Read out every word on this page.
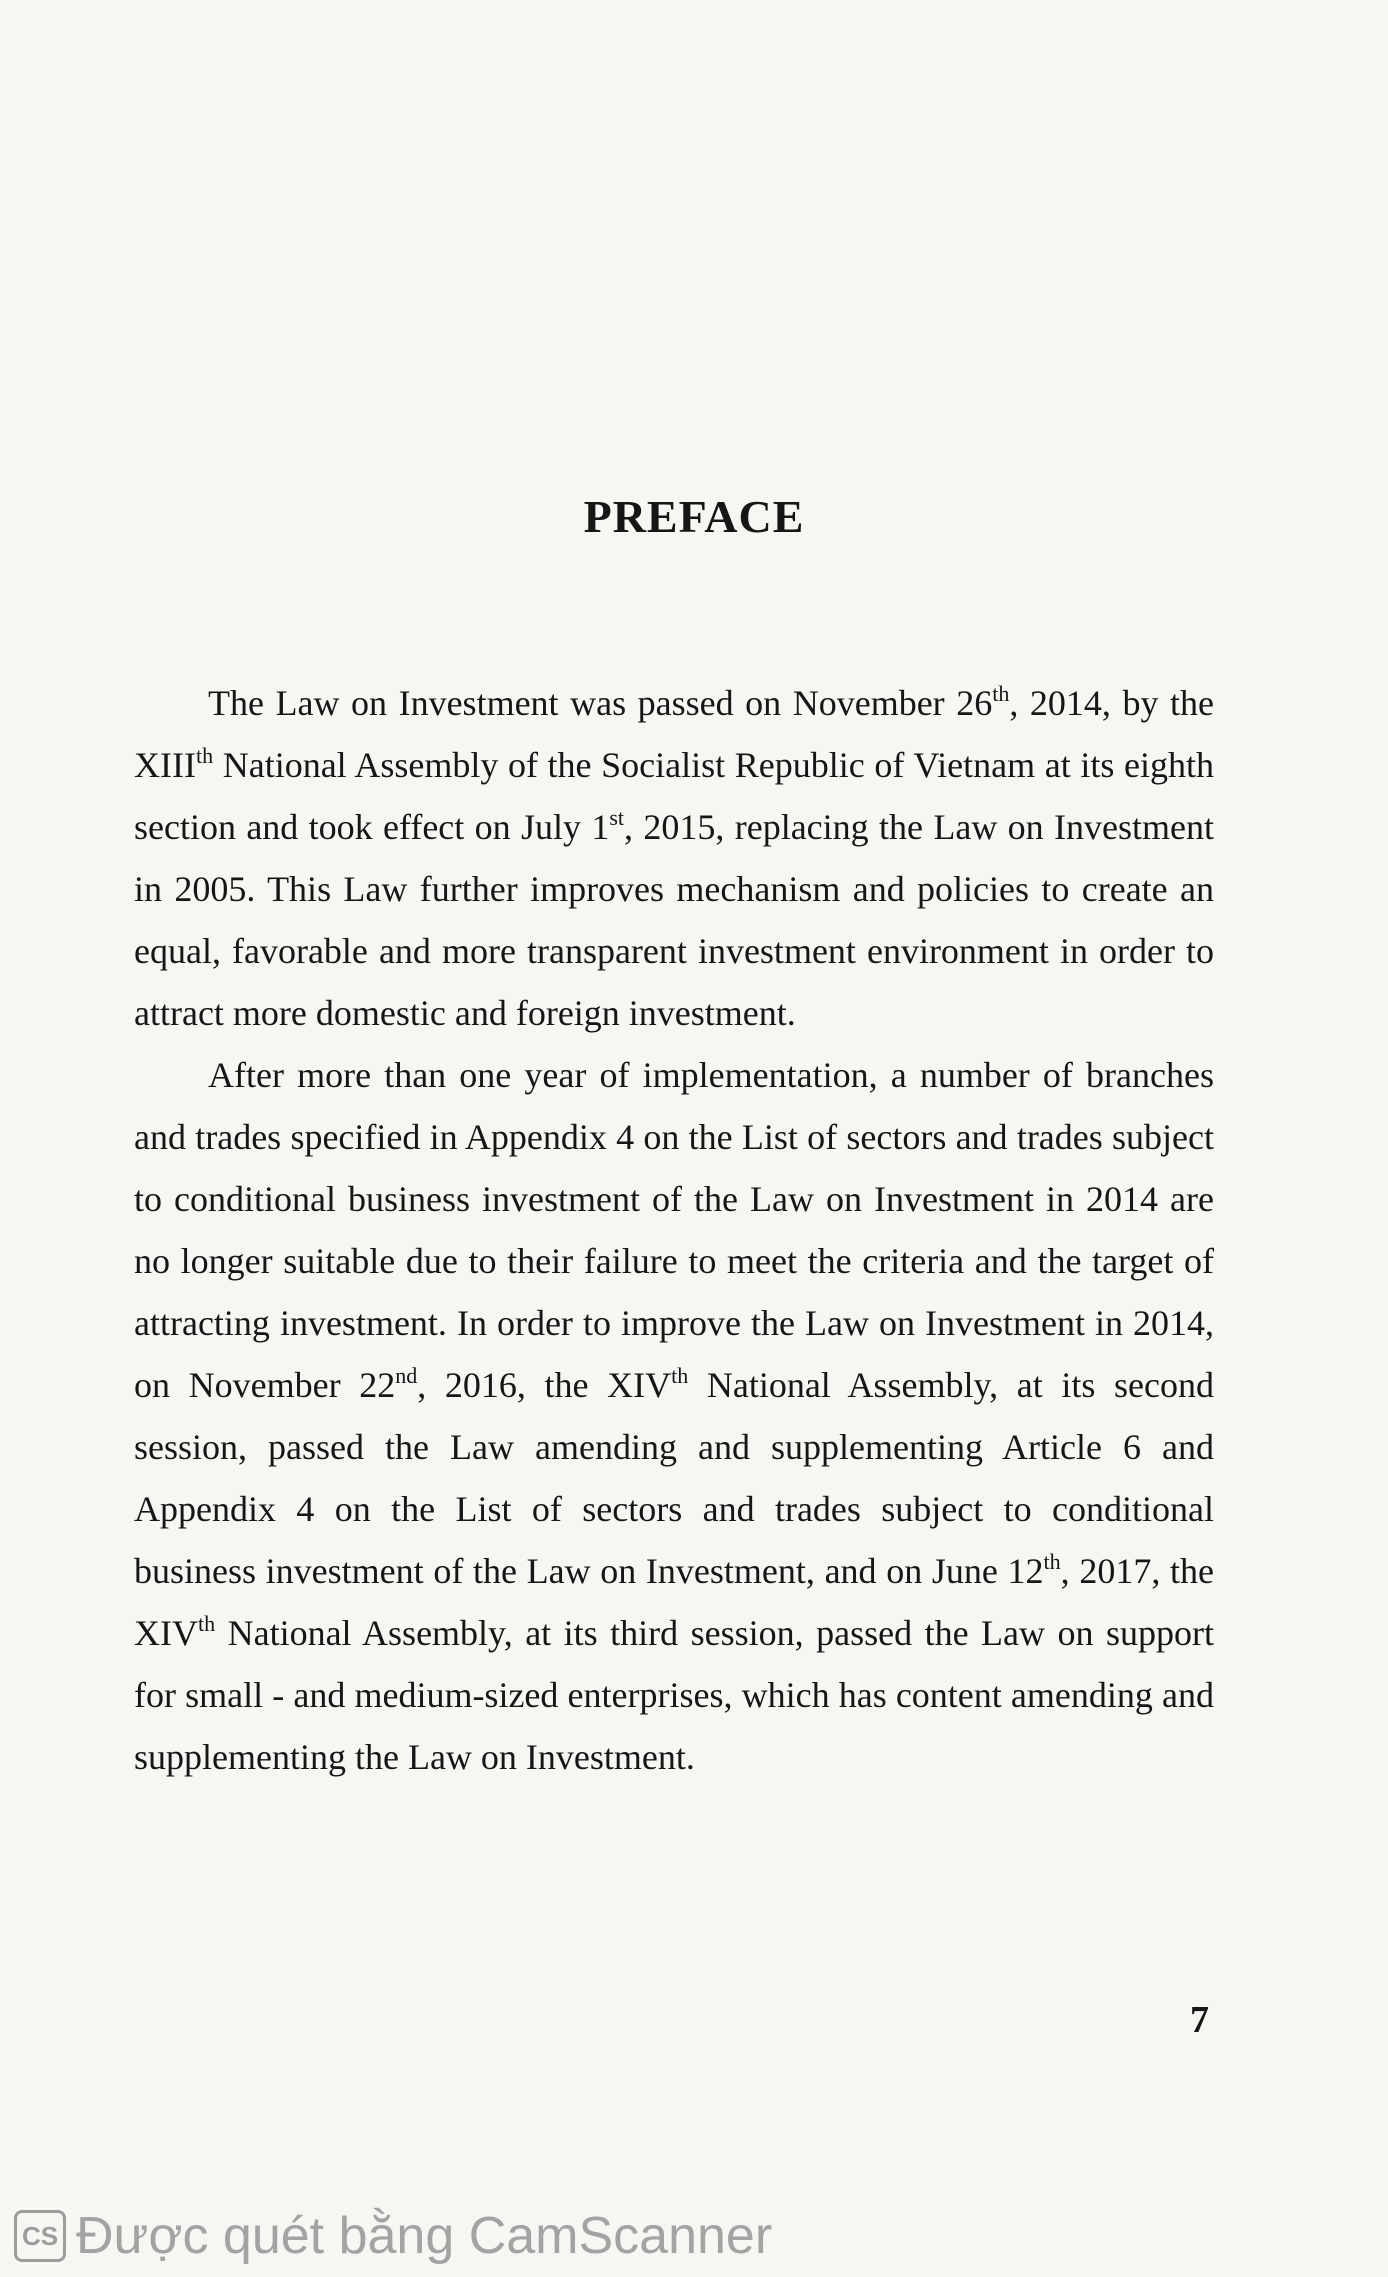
PREFACE

The Law on Investment was passed on November 26th, 2014, by the XIIIth National Assembly of the Socialist Republic of Vietnam at its eighth section and took effect on July 1st, 2015, replacing the Law on Investment in 2005. This Law further improves mechanism and policies to create an equal, favorable and more transparent investment environment in order to attract more domestic and foreign investment.

After more than one year of implementation, a number of branches and trades specified in Appendix 4 on the List of sectors and trades subject to conditional business investment of the Law on Investment in 2014 are no longer suitable due to their failure to meet the criteria and the target of attracting investment. In order to improve the Law on Investment in 2014, on November 22nd, 2016, the XIVth National Assembly, at its second session, passed the Law amending and supplementing Article 6 and Appendix 4 on the List of sectors and trades subject to conditional business investment of the Law on Investment, and on June 12th, 2017, the XIVth National Assembly, at its third session, passed the Law on support for small - and medium-sized enterprises, which has content amending and supplementing the Law on Investment.

7
CS Được quét bằng CamScanner
